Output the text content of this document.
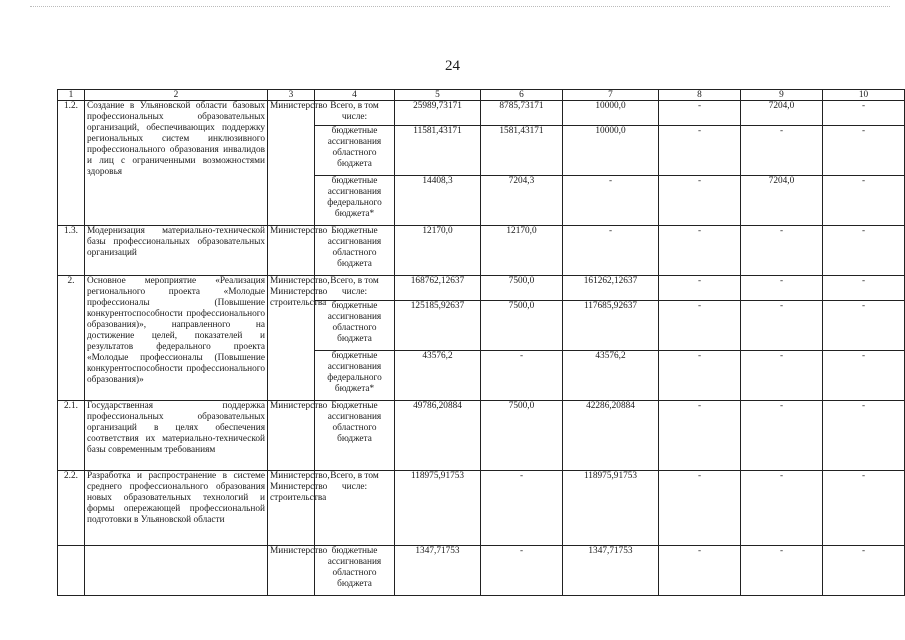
24
1	2	3	4	5	6	7	8	9	10
1.2.	Создание в Ульяновской области базовых профессиональных образовательных организаций, обеспечивающих поддержку региональных систем инклюзивного профессионального образования инвалидов и лиц с ограниченными возможностями здоровья	Министерство	Всего, в том числе:	25989,73171	8785,73171	10000,0	-	7204,0	-
			бюджетные ассигнования областного бюджета	11581,43171	1581,43171	10000,0	-	-	-
			бюджетные ассигнования федерального бюджета*	14408,3	7204,3	-	-	7204,0	-
1.3.	Модернизация материально-технической базы профессиональных образовательных организаций	Министерство	Бюджетные ассигнования областного бюджета	12170,0	12170,0	-	-	-	-
2.	Основное мероприятие «Реализация регионального проекта «Молодые профессионалы (Повышение конкурентоспособности профессионального образования)», направленного на достижение целей, показателей и результатов федерального проекта «Молодые профессионалы (Повышение конкурентоспособности профессионального образования)»	Министерство, Министерство строительства	Всего, в том числе:	168762,12637	7500,0	161262,12637	-	-	-
			бюджетные ассигнования областного бюджета	125185,92637	7500,0	117685,92637	-	-	-
			бюджетные ассигнования федерального бюджета*	43576,2	-	43576,2	-	-	-
2.1.	Государственная поддержка профессиональных образовательных организаций в целях обеспечения соответствия их материально-технической базы современным требованиям	Министерство	Бюджетные ассигнования областного бюджета	49786,20884	7500,0	42286,20884	-	-	-
2.2.	Разработка и распространение в системе среднего профессионального образования новых образовательных технологий и формы опережающей профессиональной подготовки в Ульяновской области	Министерство, Министерство строительства	Всего, в том числе:	118975,91753	-	118975,91753	-	-	-
		Министерство	бюджетные ассигнования областного бюджета	1347,71753	-	1347,71753	-	-	-
